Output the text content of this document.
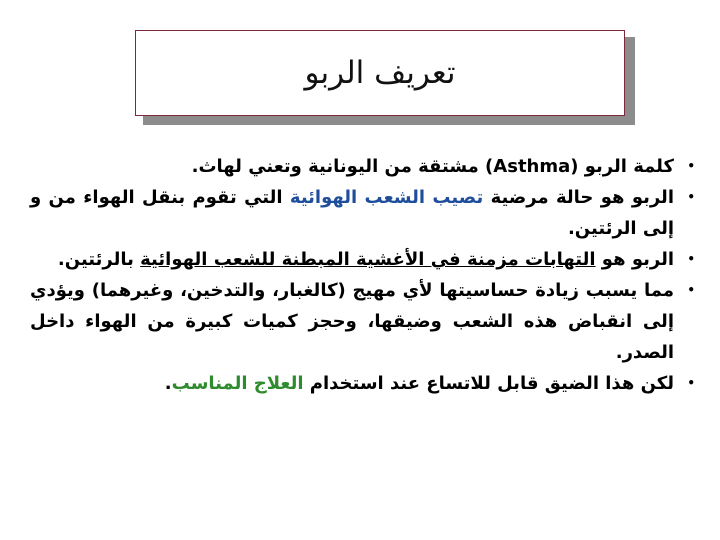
تعريف الربو
• كلمة الربو (Asthma) مشتقة من اليونانية وتعني لهاث.
• الربو هو حالة مرضية تصيب الشعب الهوائية التي تقوم بنقل الهواء من و إلى الرئتين.
• الربو هو التهابات مزمنة في الأغشية المبطنة للشعب الهوائية بالرئتين.
• مما يسبب زيادة حساسيتها لأي مهيج (كالغبار، والتدخين، وغيرهما) ويؤدي إلى انقباض هذه الشعب وضيقها، وحجز كميات كبيرة من الهواء داخل الصدر.
• لكن هذا الضيق قابل للاتساع عند استخدام العلاج المناسب.
